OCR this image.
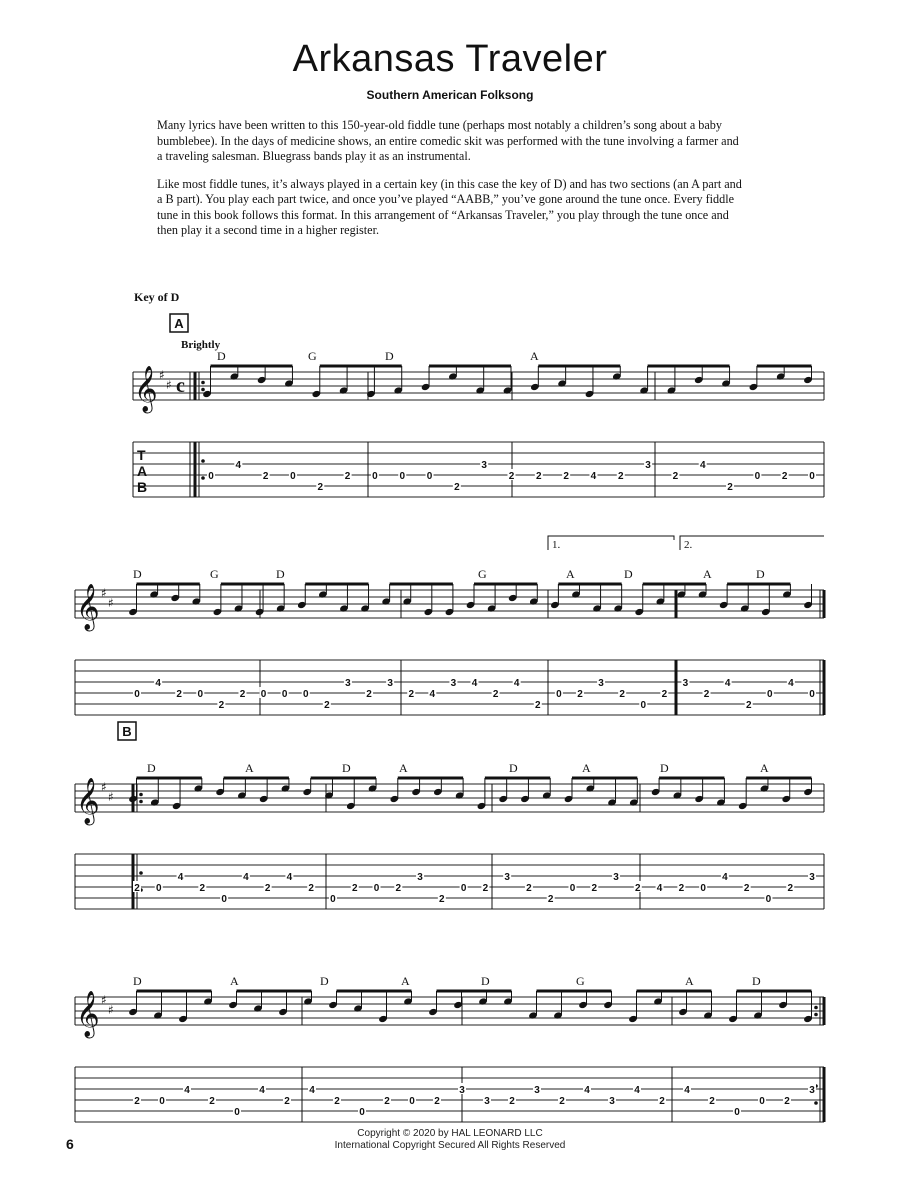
Arkansas Traveler
Southern American Folksong

Many lyrics have been written to this 150-year-old fiddle tune (perhaps most notably a children’s song about a baby bumblebee). In the days of medicine shows, an entire comedic skit was performed with the tune involving a farmer and a traveling salesman. Bluegrass bands play it as an instrumental.

Like most fiddle tunes, it’s always played in a certain key (in this case the key of D) and has two sections (an A part and a B part). You play each part twice, and once you’ve played “AABB,” you’ve gone around the tune once. Every fiddle tune in this book follows this format. In this arrangement of “Arkansas Traveler,” you play through the tune once and then play it a second time in a higher register.

Key of D
A
Brightly
D	G	D	A
𝄞 ♯
♯ c
T
A
B
0
4
2 0
2
2 0 0 0
2
3
2 2 2 4 2
3
2
4
2
0 2 0
D	G	D	G	A	D	A	D
1.	2.
𝄞 ♯
♯
0
4
2 0
2
2 0 0 0
2
3
2
3
2 4
3 4
2
4
2
0 2
3
2
0
2
3
2
4
2
0
4
0
B
D	A	D	A	D	A	D	A
𝄞 ♯
♯
2 0
4
2
0
4
2
4
2
0
2 0 2
3
2
0 2
3
2
2
0 2
3
2 4 2 0
4
2
0
2
3
D	A	D	A	D	G	A	D
𝄞 ♯
♯
2 0
4
2
0
4
2
4
2
0
2 0 2
3
3 2
3
2
4
3
4
2
4
2
0
0 2
3
6
Copyright © 2020 by HAL LEONARD LLC
International Copyright Secured All Rights Reserved
